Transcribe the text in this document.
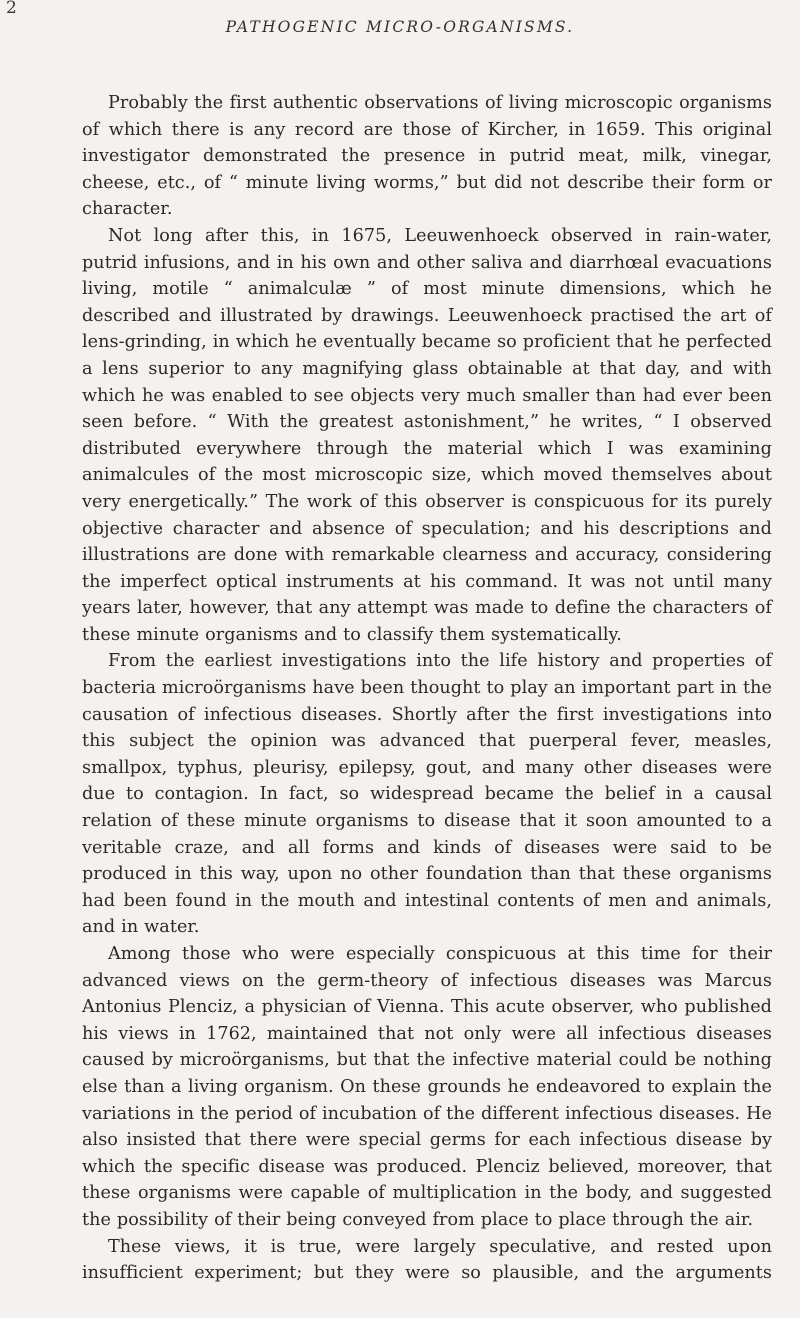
2
PATHOGENIC MICRO-ORGANISMS.

Probably the first authentic observations of living microscopic organisms of which there is any record are those of Kircher, in 1659. This original investigator demonstrated the presence in putrid meat, milk, vinegar, cheese, etc., of “ minute living worms,” but did not describe their form or character.

Not long after this, in 1675, Leeuwenhoeck observed in rain-water, putrid infusions, and in his own and other saliva and diarrhœal evacuations living, motile “ animalculæ ” of most minute dimensions, which he described and illustrated by drawings. Leeuwenhoeck practised the art of lens-grinding, in which he eventually became so proficient that he perfected a lens superior to any magnifying glass obtainable at that day, and with which he was enabled to see objects very much smaller than had ever been seen before. “ With the greatest astonishment,” he writes, “ I observed distributed everywhere through the material which I was examining animalcules of the most microscopic size, which moved themselves about very energetically.” The work of this observer is conspicuous for its purely objective character and absence of speculation; and his descriptions and illustrations are done with remarkable clearness and accuracy, considering the imperfect optical instruments at his command. It was not until many years later, however, that any attempt was made to define the characters of these minute organisms and to classify them systematically.

From the earliest investigations into the life history and properties of bacteria microörganisms have been thought to play an important part in the causation of infectious diseases. Shortly after the first investigations into this subject the opinion was advanced that puerperal fever, measles, smallpox, typhus, pleurisy, epilepsy, gout, and many other diseases were due to contagion. In fact, so widespread became the belief in a causal relation of these minute organisms to disease that it soon amounted to a veritable craze, and all forms and kinds of diseases were said to be produced in this way, upon no other foundation than that these organisms had been found in the mouth and intestinal contents of men and animals, and in water.

Among those who were especially conspicuous at this time for their advanced views on the germ-theory of infectious diseases was Marcus Antonius Plenciz, a physician of Vienna. This acute observer, who published his views in 1762, maintained that not only were all infectious diseases caused by microörganisms, but that the infective material could be nothing else than a living organism. On these grounds he endeavored to explain the variations in the period of incubation of the different infectious diseases. He also insisted that there were special germs for each infectious disease by which the specific disease was produced. Plenciz believed, moreover, that these organisms were capable of multiplication in the body, and suggested the possibility of their being conveyed from place to place through the air.

These views, it is true, were largely speculative, and rested upon insufficient experiment; but they were so plausible, and the arguments
